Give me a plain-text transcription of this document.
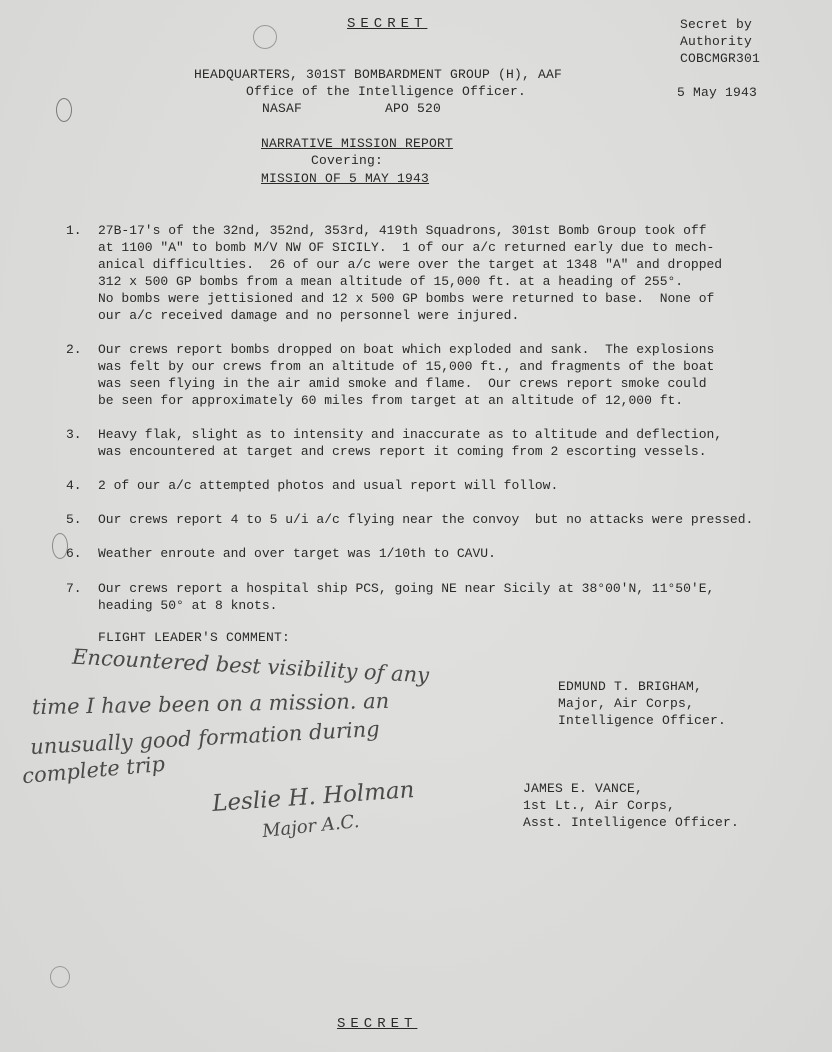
SECRET	Secret by
Authority
COBCMGR301
5 May 1943
HEADQUARTERS, 301ST BOMBARDMENT GROUP (H), AAF
Office of the Intelligence Officer.
NASAF	APO 520
NARRATIVE MISSION REPORT
Covering:
MISSION OF 5 MAY 1943
1. 27B-17's of the 32nd, 352nd, 353rd, 419th Squadrons, 301st Bomb Group took off
at 1100 "A" to bomb M/V NW OF SICILY.  1 of our a/c returned early due to mech-
anical difficulties.  26 of our a/c were over the target at 1348 "A" and dropped
312 x 500 GP bombs from a mean altitude of 15,000 ft. at a heading of 255°.
No bombs were jettisioned and 12 x 500 GP bombs were returned to base.  None of
our a/c received damage and no personnel were injured.
2. Our crews report bombs dropped on boat which exploded and sank.  The explosions
was felt by our crews from an altitude of 15,000 ft., and fragments of the boat
was seen flying in the air amid smoke and flame.  Our crews report smoke could
be seen for approximately 60 miles from target at an altitude of 12,000 ft.
3. Heavy flak, slight as to intensity and inaccurate as to altitude and deflection,
was encountered at target and crews report it coming from 2 escorting vessels.
4. 2 of our a/c attempted photos and usual report will follow.
5. Our crews report 4 to 5 u/i a/c flying near the convoy  but no attacks were pressed.
6. Weather enroute and over target was 1/10th to CAVU.
7. Our crews report a hospital ship PCS, going NE near Sicily at 38°00'N, 11°50'E,
heading 50° at 8 knots.
FLIGHT LEADER'S COMMENT:
Encountered best visibility of any
time I have been on a mission. an
unusually good formation during
complete trip
Leslie H. Holman
Major A.C.
EDMUND T. BRIGHAM,
Major, Air Corps,
Intelligence Officer.
JAMES E. VANCE,
1st Lt., Air Corps,
Asst. Intelligence Officer.
SECRET
